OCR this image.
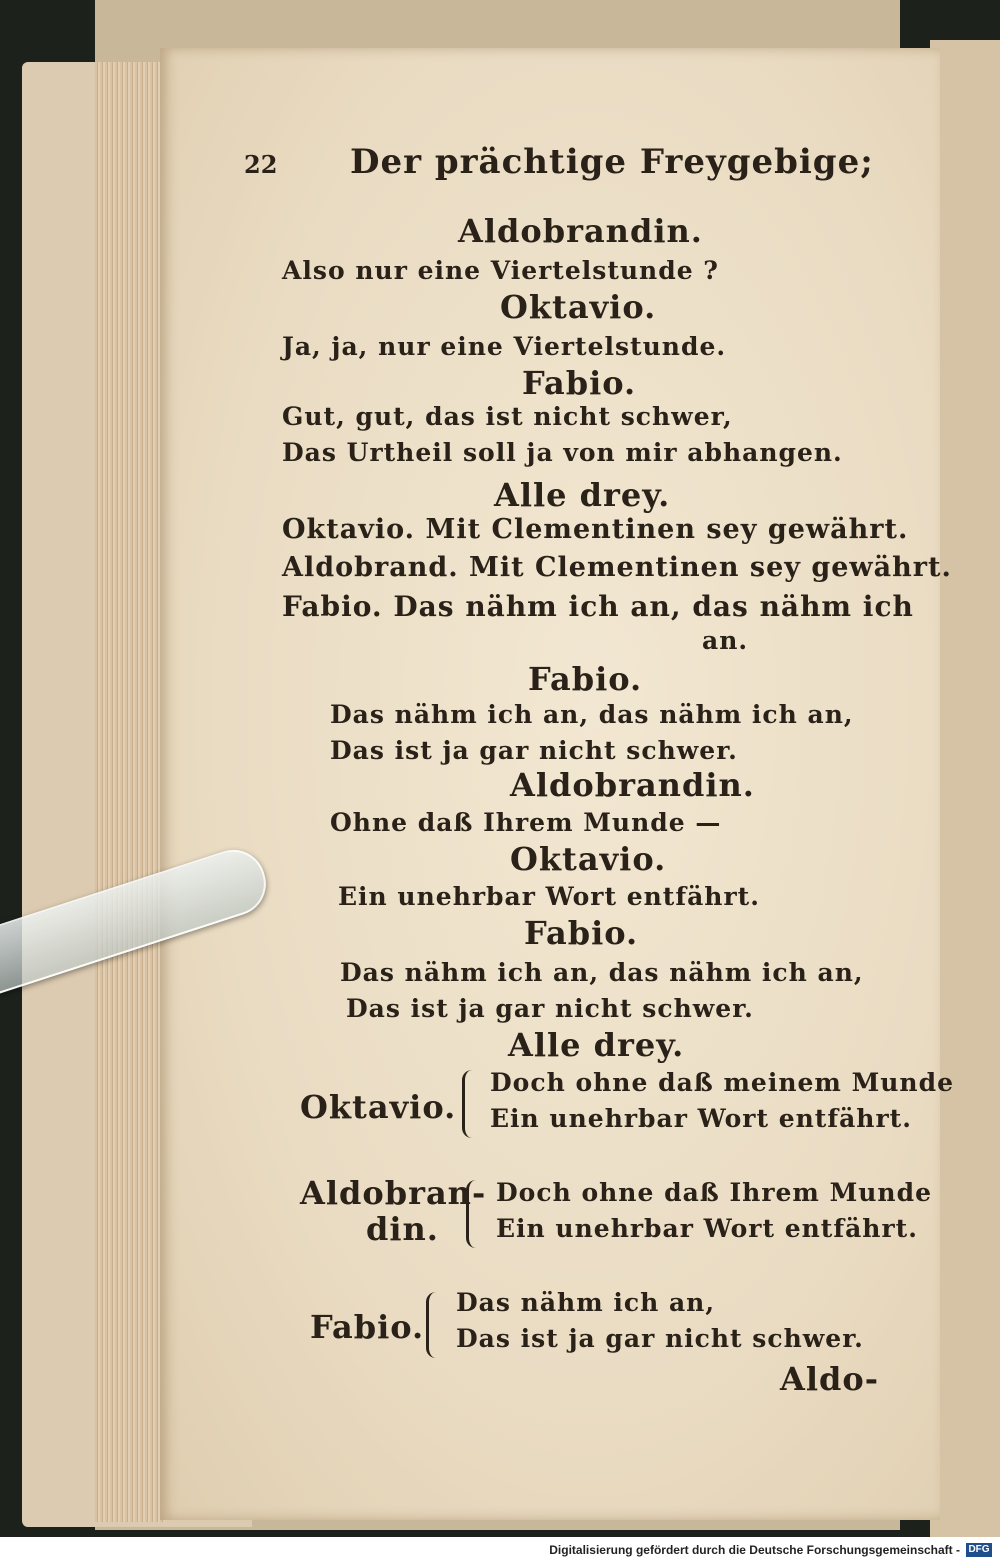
22 Der prächtige Freygebige;
Aldobrandin.
Also nur eine Viertelstunde ?
Oktavio.
Ja, ja, nur eine Viertelstunde.
Fabio.
Gut, gut, das ist nicht schwer,
Das Urtheil soll ja von mir abhangen.
Alle drey.
Oktavio. Mit Clementinen sey gewährt.
Aldobrand. Mit Clementinen sey gewährt.
Fabio. Das nähm ich an, das nähm ich
an.
Fabio.
Das nähm ich an, das nähm ich an,
Das ist ja gar nicht schwer.
Aldobrandin.
Ohne daß Ihrem Munde —
Oktavio.
Ein unehrbar Wort entfährt.
Fabio.
Das nähm ich an, das nähm ich an,
Das ist ja gar nicht schwer.
Alle drey.
Oktavio.
Doch ohne daß meinem Munde
Ein unehrbar Wort entfährt.
Aldobran-
din.
Doch ohne daß Ihrem Munde
Ein unehrbar Wort entfährt.
Fabio.
Das nähm ich an,
Das ist ja gar nicht schwer.
Aldo-
Digitalisierung gefördert durch die Deutsche Forschungsgemeinschaft - DFG
